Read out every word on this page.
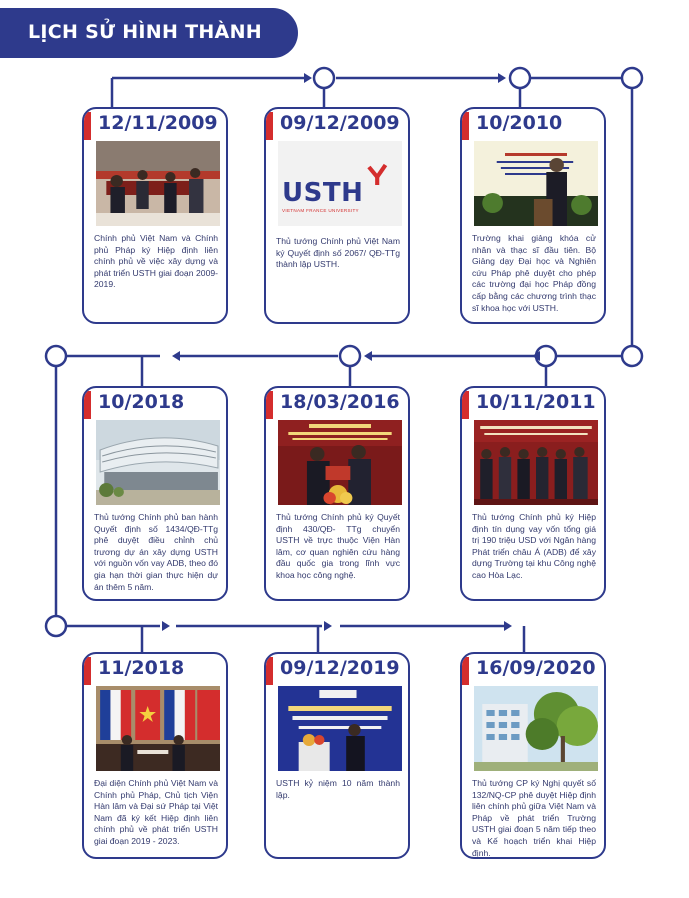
LỊCH SỬ HÌNH THÀNH
12/11/2009
Chính phủ Việt Nam và Chính phủ Pháp ký Hiệp định liên chính phủ về việc xây dựng và phát triển USTH giai đoạn 2009-2019.
09/12/2009
USTH
VIETNAM FRANCE UNIVERSITY
Thủ tướng Chính phủ Việt Nam ký Quyết định số 2067/ QĐ-TTg thành lập USTH.
10/2010
Trường khai giảng khóa cử nhân và thạc sĩ đầu tiên. Bộ Giảng dạy Đại học và Nghiên cứu Pháp phê duyệt cho phép các trường đại học Pháp đồng cấp bằng các chương trình thạc sĩ khoa học với USTH.
10/11/2011
Thủ tướng Chính phủ ký Hiệp định tín dụng vay vốn tổng giá trị 190 triệu USD với Ngân hàng Phát triển châu Á (ADB) để xây dựng Trường tại khu Công nghệ cao Hòa Lạc.
18/03/2016
Thủ tướng Chính phủ ký Quyết định 430/QĐ- TTg chuyển USTH về trực thuộc Viện Hàn lâm, cơ quan nghiên cứu hàng đầu quốc gia trong lĩnh vực khoa học công nghệ.
10/2018
Thủ tướng Chính phủ ban hành Quyết định số 1434/QĐ-TTg phê duyệt điều chỉnh chủ trương dự án xây dựng USTH với nguồn vốn vay ADB, theo đó gia hạn thời gian thực hiện dự án thêm 5 năm.
11/2018
Đại diện Chính phủ Việt Nam và Chính phủ Pháp, Chủ tịch Viện Hàn lâm và Đại sứ Pháp tại Việt Nam đã ký kết Hiệp định liên chính phủ về phát triển USTH giai đoạn 2019 - 2023.
09/12/2019
USTH kỷ niệm 10 năm thành lập.
16/09/2020
Thủ tướng CP ký Nghị quyết số 132/NQ-CP phê duyệt Hiệp định liên chính phủ giữa Việt Nam và Pháp về phát triển Trường USTH giai đoạn 5 năm tiếp theo và Kế hoạch triển khai Hiệp định.
